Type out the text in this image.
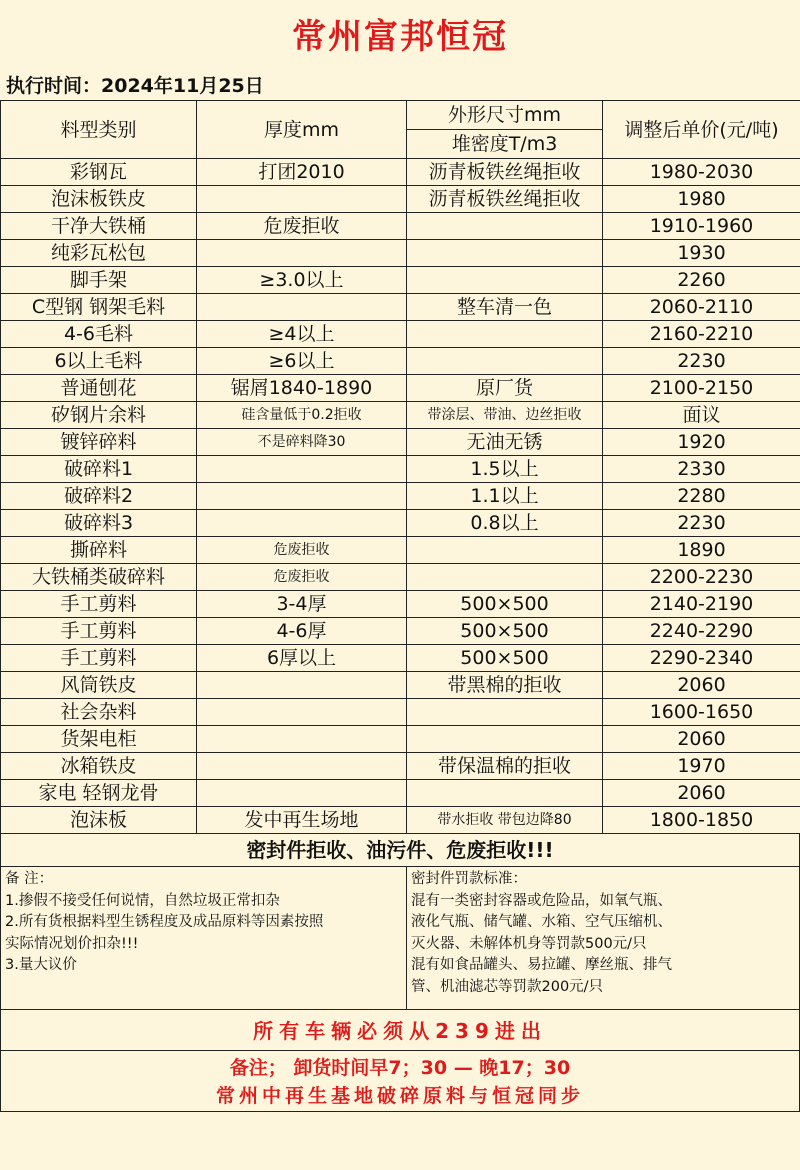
常州富邦恒冠
执行时间：2024年11月25日
料型类别	厚度mm	外形尺寸mm	调整后单价(元/吨)
		堆密度T/m3	
彩钢瓦	打团2010	沥青板铁丝绳拒收	1980-2030
泡沫板铁皮		沥青板铁丝绳拒收	1980
干净大铁桶	危废拒收		1910-1960
纯彩瓦松包			1930
脚手架	≥3.0以上		2260
C型钢 钢架毛料		整车清一色	2060-2110
4-6毛料	≥4以上		2160-2210
6以上毛料	≥6以上		2230
普通刨花	锯屑1840-1890	原厂货	2100-2150
矽钢片余料	硅含量低于0.2拒收	带涂层、带油、边丝拒收	面议
镀锌碎料	不是碎料降30	无油无锈	1920
破碎料1		1.5以上	2330
破碎料2		1.1以上	2280
破碎料3		0.8以上	2230
撕碎料	危废拒收		1890
大铁桶类破碎料	危废拒收		2200-2230
手工剪料	3-4厚	500×500	2140-2190
手工剪料	4-6厚	500×500	2240-2290
手工剪料	6厚以上	500×500	2290-2340
风筒铁皮		带黑棉的拒收	2060
社会杂料			1600-1650
货架电柜			2060
冰箱铁皮		带保温棉的拒收	1970
家电 轻钢龙骨			2060
泡沫板	发中再生场地	带水拒收 带包边降80	1800-1850
密封件拒收、油污件、危废拒收!!!
备 注：
1.掺假不接受任何说情，自然垃圾正常扣杂
2.所有货根据料型生锈程度及成品原料等因素按照
实际情况划价扣杂!!!
3.量大议价
密封件罚款标准：
混有一类密封容器或危险品，如氧气瓶、
液化气瓶、储气罐、水箱、空气压缩机、
灭火器、未解体机身等罚款500元/只
混有如食品罐头、易拉罐、摩丝瓶、排气
管、机油滤芯等罚款200元/只
所有车辆必须从239进出
备注； 卸货时间早7；30 — 晚17；30
常州中再生基地破碎原料与恒冠同步
